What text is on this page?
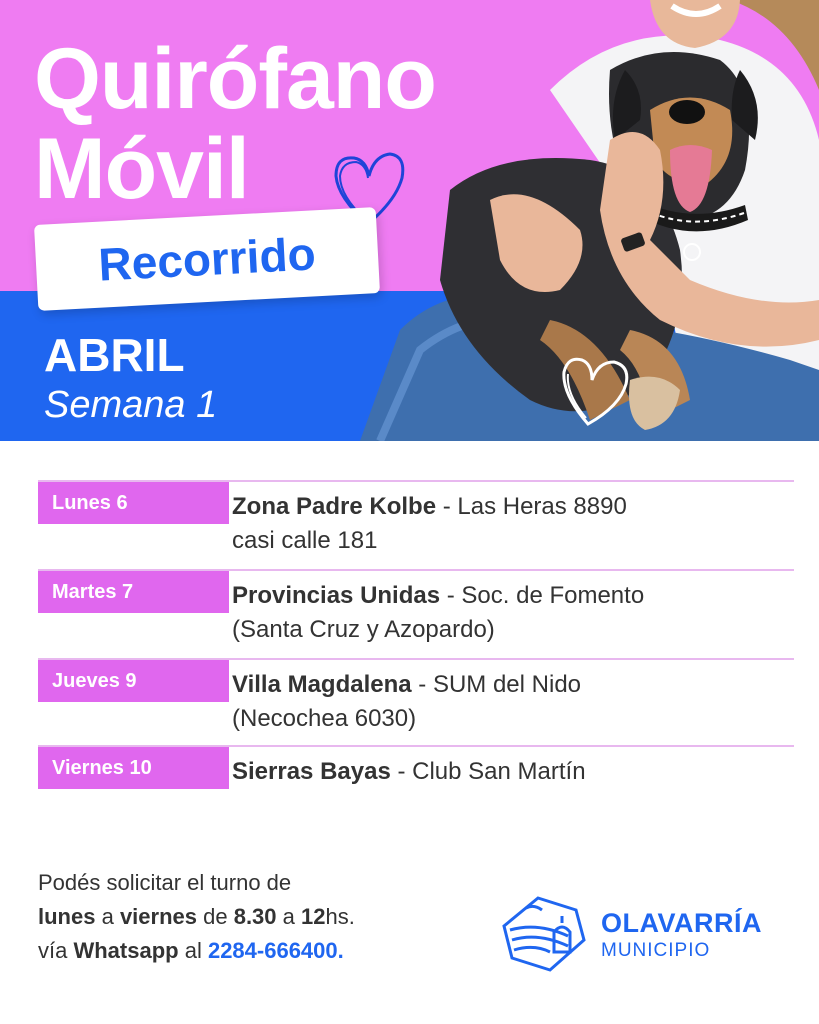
Quirófano
Móvil
Recorrido
ABRIL
Semana 1
Lunes 6	Zona Padre Kolbe - Las Heras 8890
casi calle 181
Martes 7	Provincias Unidas - Soc. de Fomento
(Santa Cruz y Azopardo)
Jueves 9	Villa Magdalena - SUM del Nido
(Necochea 6030)
Viernes 10	Sierras Bayas - Club San Martín
Podés solicitar el turno de
lunes a viernes de 8.30 a 12hs.
vía Whatsapp al 2284-666400.
OLAVARRÍA
MUNICIPIO
